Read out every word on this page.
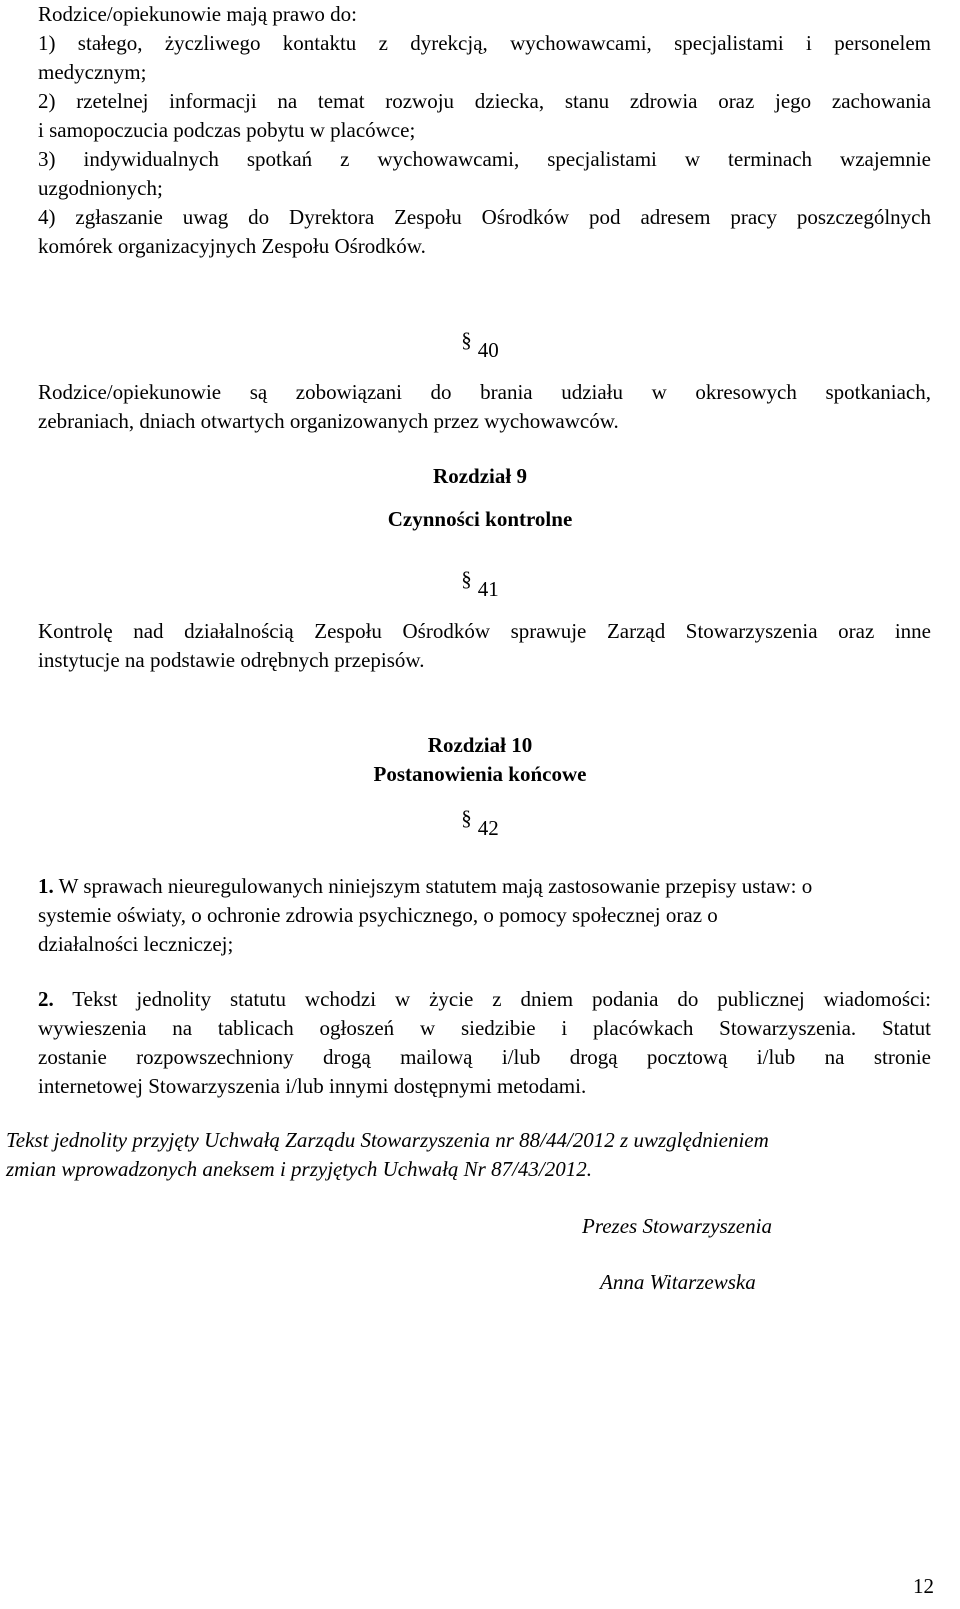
Rodzice/opiekunowie mają prawo do:
1) stałego, życzliwego kontaktu z dyrekcją, wychowawcami, specjalistami i personelem
medycznym;
2) rzetelnej informacji na temat rozwoju dziecka, stanu zdrowia oraz jego zachowania
i samopoczucia podczas pobytu w placówce;
3) indywidualnych spotkań z wychowawcami, specjalistami w terminach wzajemnie
uzgodnionych;
4) zgłaszanie uwag do Dyrektora Zespołu Ośrodków pod adresem pracy poszczególnych
komórek organizacyjnych Zespołu Ośrodków.
§ 40
Rodzice/opiekunowie są zobowiązani do brania udziału w okresowych spotkaniach,
zebraniach, dniach otwartych organizowanych przez wychowawców.
Rozdział 9
Czynności kontrolne
§ 41
Kontrolę nad działalnością Zespołu Ośrodków sprawuje Zarząd Stowarzyszenia oraz inne
instytucje na podstawie odrębnych przepisów.
Rozdział 10
Postanowienia końcowe
§ 42
1. W sprawach nieuregulowanych niniejszym statutem mają zastosowanie przepisy ustaw: o
systemie oświaty, o ochronie zdrowia psychicznego, o pomocy społecznej oraz o
działalności leczniczej;
2. Tekst jednolity statutu wchodzi w życie z dniem podania do publicznej wiadomości:
wywieszenia na tablicach ogłoszeń w siedzibie i placówkach Stowarzyszenia. Statut
zostanie rozpowszechniony drogą mailową i/lub drogą pocztową i/lub na stronie
internetowej Stowarzyszenia i/lub innymi dostępnymi metodami.
Tekst jednolity przyjęty Uchwałą Zarządu Stowarzyszenia nr 88/44/2012 z uwzględnieniem
zmian wprowadzonych aneksem i przyjętych Uchwałą Nr 87/43/2012.
Prezes Stowarzyszenia
Anna Witarzewska
12
